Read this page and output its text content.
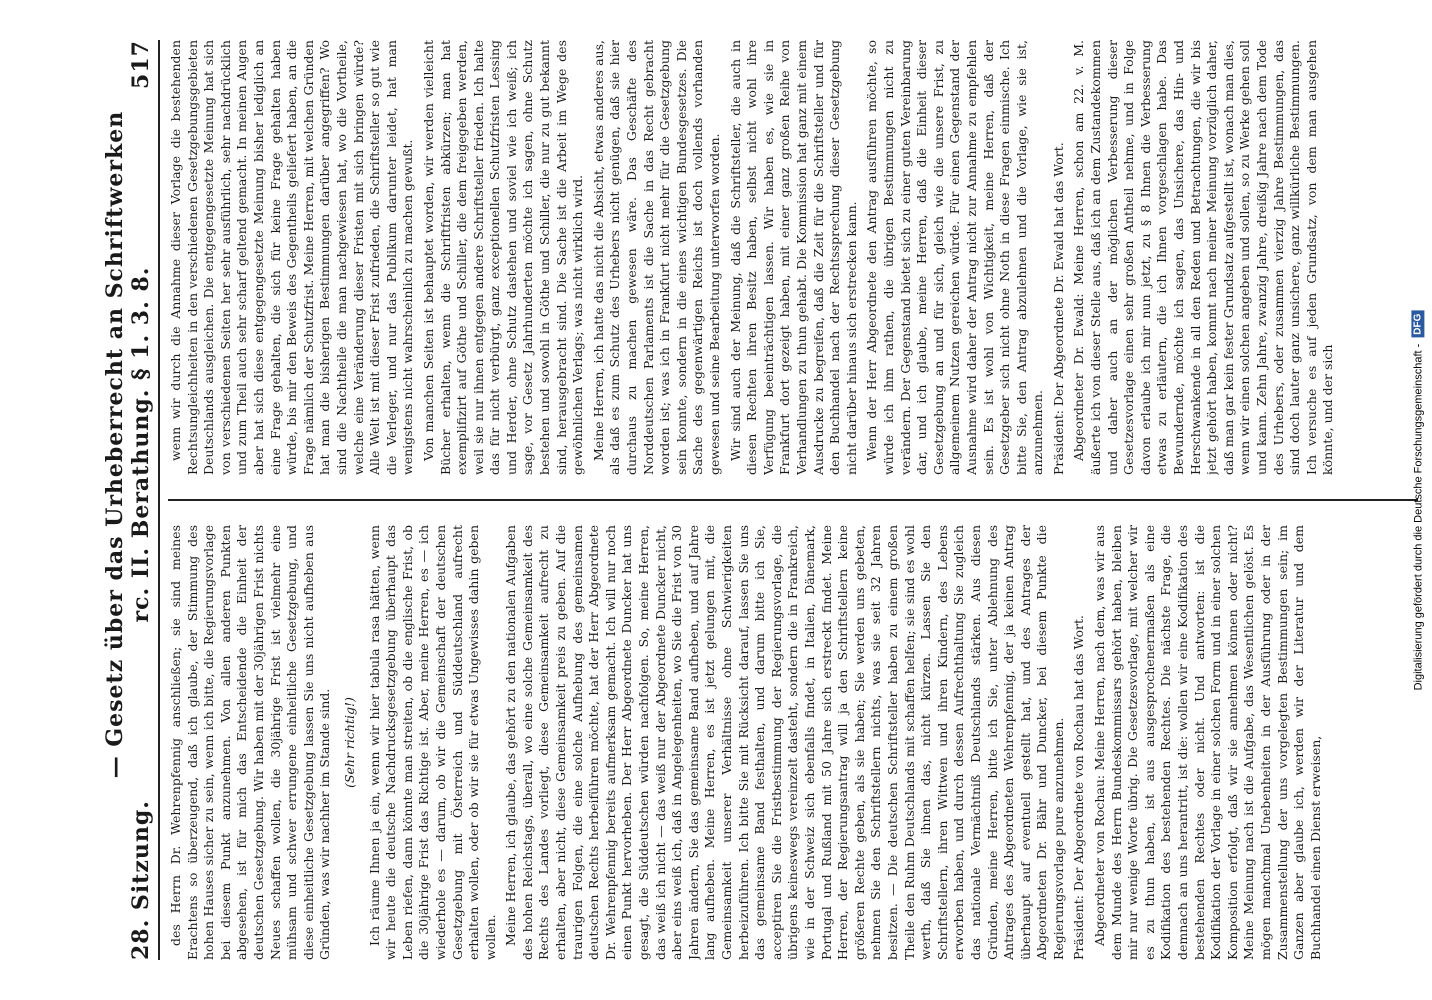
28. Sitzung.
— Gesetz über das Urheberrecht an Schriftwerken rc. II. Berathung. § 1. 3. 8.
517

des Herrn Dr. Wehrenpfennig anschließen; sie sind meines Erachtens so überzeugend, daß ich glaube, der Stimmung des hohen Hauses sicher zu sein, wenn ich bitte, die Regierungsvorlage bei diesem Punkt anzunehmen. Von allen anderen Punkten abgesehen, ist für mich das Entscheidende die Einheit der deutschen Gesetzgebung. Wir haben mit der 30jährigen Frist nichts Neues schaffen wollen, die 30jährige Frist ist vielmehr eine mühsam und schwer errungene einheitliche Gesetzgebung, und diese einheitliche Gesetzgebung lassen Sie uns nicht aufheben aus Gründen, was wir nachher im Stande sind. (Sehr richtig!) Ich räume Ihnen ja ein, wenn wir hier tabula rasa hätten, wenn wir heute die deutsche Nachdrucksgesetzgebung überhaupt das Leben riefen, dann könnte man streiten, ob die englische Frist, ob die 30jährige Frist das Richtige ist. Aber, meine Herren, es — ich wiederhole es — darum, ob wir die Gemeinschaft der deutschen Gesetzgebung mit Österreich und Süddeutschland aufrecht erhalten wollen, oder ob wir sie für etwas Ungewisses dahin geben wollen. Meine Herren, ich glaube, das gehört zu den nationalen Aufgaben des hohen Reichstags, überall, wo eine solche Gemeinsamkeit des Rechts des Landes vorliegt, diese Gemeinsamkeit aufrecht zu erhalten, aber nicht, diese Gemeinsamkeit preis zu geben. Auf die traurigen Folgen, die eine solche Aufhebung des gemeinsamen deutschen Rechts herbeiführen möchte, hat der Herr Abgeordnete Dr. Wehrenpfennig bereits aufmerksam gemacht. Ich will nur noch einen Punkt hervorheben. Der Herr Abgeordnete Duncker hat uns gesagt, die Süddeutschen würden nachfolgen. So, meine Herren, das weiß ich nicht — das weiß nur der Abgeordnete Duncker nicht, aber eins weiß ich, daß in Angelegenheiten, wo Sie die Frist von 30 Jahren ändern, Sie das gemeinsame Band aufheben, und auf Jahre lang aufheben. Meine Herren, es ist jetzt gelungen mit, die Gemeinsamkeit unserer Verhältnisse ohne Schwierigkeiten herbeizuführen. Ich bitte Sie mit Rücksicht darauf, lassen Sie uns das gemeinsame Band festhalten, und darum bitte ich Sie, acceptiren Sie die Fristbestimmung der Regierungsvorlage, die übrigens keineswegs vereinzelt dasteht, sondern die in Frankreich, wie in der Schweiz sich ebenfalls findet, in Italien, Dänemark, Portugal und Rußland mit 50 Jahre sich erstreckt findet. Meine Herren, der Regierungsantrag will ja den Schriftstellern keine größeren Rechte geben, als sie haben; Sie werden uns gebeten, nehmen Sie den Schriftstellern nichts, was sie seit 32 Jahren besitzen. — Die deutschen Schriftsteller haben zu einem großen Theile den Ruhm Deutschlands mit schaffen helfen; sie sind es wohl werth, daß Sie ihnen das, nicht kürzen. Lassen Sie den Schriftstellern, ihren Wittwen und ihren Kindern, des Lebens erworben haben, und durch dessen Aufrechthaltung Sie zugleich das nationale Vermächtniß Deutschlands stärken. Aus diesen Gründen, meine Herren, bitte ich Sie, unter Ablehnung des Antrages des Abgeordneten Wehrenpfennig, der ja keinen Antrag überhaupt auf eventuell gestellt hat, und des Antrages der Abgeordneten Dr. Bähr und Duncker, bei diesem Punkte die Regierungsvorlage pure anzunehmen. Präsident: Der Abgeordnete von Rochau hat das Wort. Abgeordneter von Rochau: Meine Herren, nach dem, was wir aus dem Munde des Herrn Bundeskommissars gehört haben, bleiben mir nur wenige Worte übrig. Die Gesetzesvorlage, mit welcher wir es zu thun haben, ist aus ausgesprochenermaßen als eine Kodifikation des bestehenden Rechtes. Die nächste Frage, die demnach an uns herantritt, ist die: wollen wir eine Kodifikation des bestehenden Rechtes oder nicht. Und antworten: ist die Kodifikation der Vorlage in einer solchen Form und in einer solchen Komposition erfolgt, daß wir sie annehmen können oder nicht? Meine Meinung nach ist die Aufgabe, das Wesentlichen gelöst. Es mögen manchmal Unebenheiten in der Ausführung oder in der Zusammenstellung der uns vorgelegten Bestimmungen sein; im Ganzen aber glaube ich, werden wir der Literatur und dem Buchhandel einen Dienst erweisen,

wenn wir durch die Annahme dieser Vorlage die bestehenden Rechtsungleichheiten in den verschiedenen Gesetzgebungsgebieten Deutschlands ausgleichen. Die entgegengesetzte Meinung hat sich von verschiedenen Seiten her sehr ausführlich, sehr nachdrücklich und zum Theil auch sehr scharf geltend gemacht. In meinen Augen aber hat sich diese entgegengesetzte Meinung bisher lediglich an eine Frage gehalten, die sich für keine Frage gehalten haben würde, bis mir den Beweis des Gegentheils geliefert haben, an die Frage nämlich der Schutzfrist. Meine Herren, mit welchen Gründen hat man die bisherigen Bestimmungen darüber angegriffen? Wo sind die Nachtheile die man nachgewiesen hat, wo die Vortheile, welche eine Veränderung dieser Fristen mit sich bringen würde? Alle Welt ist mit dieser Frist zufrieden, die Schriftsteller so gut wie die Verleger, und nur das Publikum darunter leidet, hat man wenigstens nicht wahrscheinlich zu machen gewußt. Von manchen Seiten ist behauptet worden, wir werden vielleicht Bücher erhalten, wenn die Schriftfristen abkürzen; man hat exemplifizirt auf Göthe und Schiller, die dem freigegeben werden, weil sie nur ihnen entgegen andere Schriftsteller frieden. Ich halte das für nicht verbürgt, ganz exceptionellen Schutzfristen Lessing und Herder, ohne Schutz dastehen und soviel wie ich weiß; ich sage, vor Gesetz Jahrhunderten möchte ich sagen, ohne Schutz bestehen und sowohl in Göthe und Schiller, die nur zu gut bekannt sind, herausgebracht sind. Die Sache ist die Arbeit im Wege des gewöhnlichen Verlags; was nicht wirklich wird. Meine Herren, ich hatte das nicht die Absicht, etwas anderes aus, als daß es zum Schutz des Urhebers nicht genügen, daß sie hier durchaus zu machen gewesen wäre. Das Geschäfte des Norddeutschen Parlaments ist die Sache in das Recht gebracht worden ist; was ich in Frankfurt nicht mehr für die Gesetzgebung sein konnte, sondern in die eines wichtigen Bundesgesetzes. Die Sache des gegenwärtigen Reichs ist doch vollends vorhanden gewesen und seine Bearbeitung unterworfen worden. Wir sind auch der Meinung, daß die Schriftsteller, die auch in diesen Rechten ihren Besitz haben, selbst nicht wohl ihre Verfügung beeinträchtigen lassen. Wir haben es, wie sie in Frankfurt dort gezeigt haben, mit einer ganz großen Reihe von Verhandlungen zu thun gehabt. Die Kommission hat ganz mit einem Ausdrucke zu begreifen, daß die Zeit für die Schriftsteller und für den Buchhandel nach der Rechtssprechung dieser Gesetzgebung nicht darüber hinaus sich erstrecken kann. Wenn der Herr Abgeordnete den Antrag ausführen möchte, so würde ich ihm rathen, die übrigen Bestimmungen nicht zu verändern. Der Gegenstand bietet sich zu einer guten Vereinbarung dar, und ich glaube, meine Herren, daß die Einheit dieser Gesetzgebung an und für sich, gleich wie die unsere Frist, zu allgemeinem Nutzen gereichen würde. Für einen Gegenstand der Ausnahme wird daher der Antrag nicht zur Annahme zu empfehlen sein. Es ist wohl von Wichtigkeit, meine Herren, daß der Gesetzgeber sich nicht ohne Noth in diese Fragen einmische. Ich bitte Sie, den Antrag abzulehnen und die Vorlage, wie sie ist, anzunehmen. Präsident: Der Abgeordnete Dr. Ewald hat das Wort. Abgeordneter Dr. Ewald: Meine Herren, schon am 22. v. M. äußerte ich von dieser Stelle aus, daß ich an dem Zustandekommen und daher auch an der möglichen Verbesserung dieser Gesetzesvorlage einen sehr großen Antheil nehme, und in Folge davon erlaube ich mir nun jetzt, zu § 8 Ihnen die Verbesserung etwas zu erläutern, die ich Ihnen vorgeschlagen habe. Das Bewundernde, möchte ich sagen, das Unsichere, das Hin- und Herschwankende in all den Reden und Betrachtungen, die wir bis jetzt gehört haben, kommt nach meiner Meinung vorzüglich daher, daß man gar kein fester Grundsatz aufgestellt ist, wonach man dies, wenn wir einen solchen angeben und sollen, so zu Werke gehen soll und kann. Zehn Jahre, zwanzig Jahre, dreißig Jahre nach dem Tode des Urhebers, oder zusammen vierzig Jahre Bestimmungen, das sind doch lauter ganz unsichere, ganz willkürliche Bestimmungen. Ich versuche es auf jeden Grundsatz, von dem man ausgehen könnte, und der sich	Digitalisierung gefördert durch die Deutsche Forschungsgemeinschaft -
DFG
